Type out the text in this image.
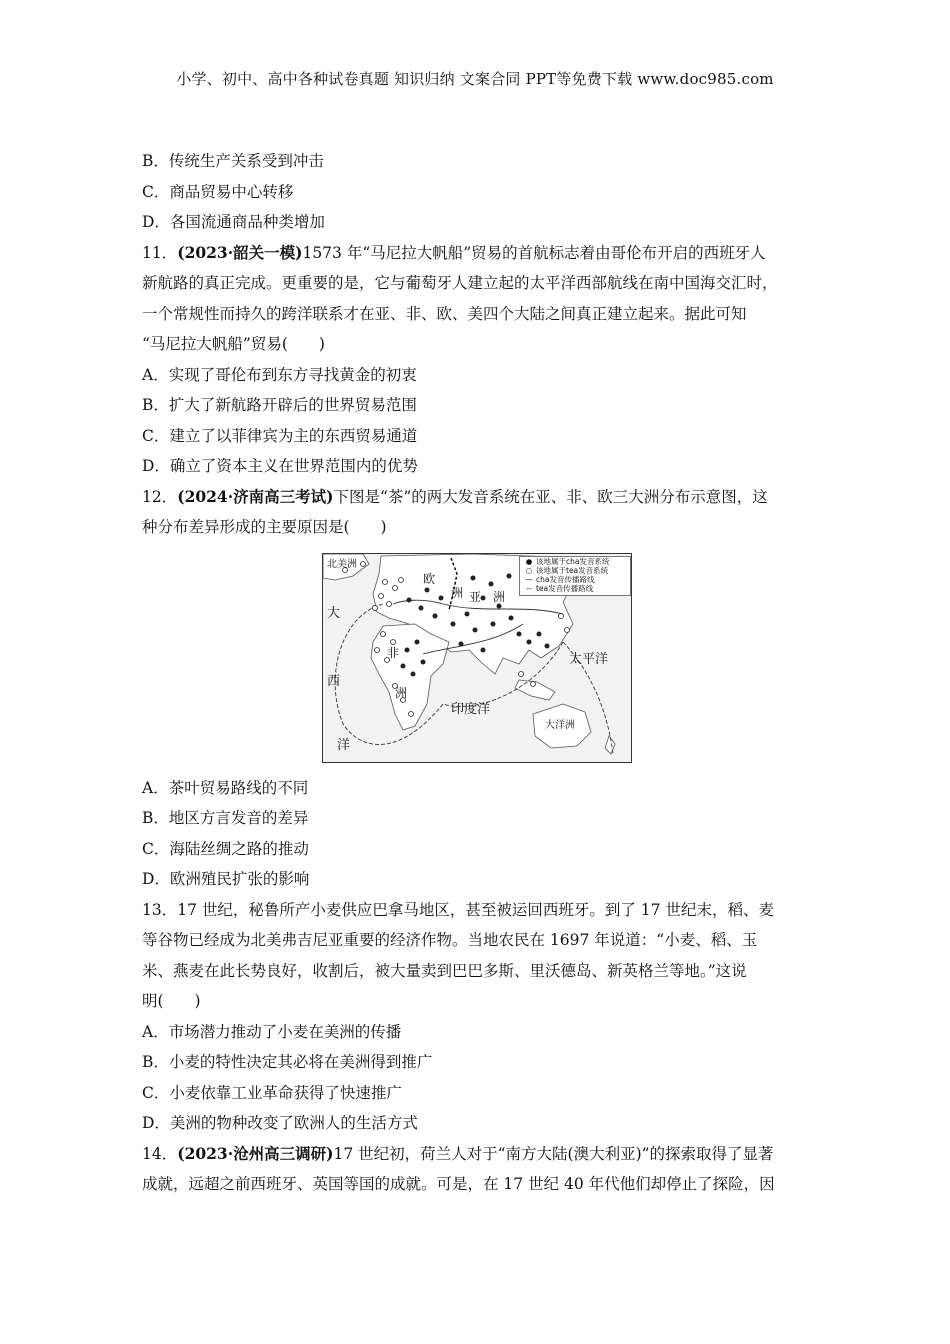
小学、初中、高中各种试卷真题 知识归纳 文案合同 PPT等免费下载 www.doc985.com
B．传统生产关系受到冲击
C．商品贸易中心转移
D．各国流通商品种类增加
11．(2023·韶关一模)1573 年“马尼拉大帆船”贸易的首航标志着由哥伦布开启的西班牙人
新航路的真正完成。更重要的是，它与葡萄牙人建立起的太平洋西部航线在南中国海交汇时，
一个常规性而持久的跨洋联系才在亚、非、欧、美四个大陆之间真正建立起来。据此可知
“马尼拉大帆船”贸易(　　)
A．实现了哥伦布到东方寻找黄金的初衷
B．扩大了新航路开辟后的世界贸易范围
C．建立了以菲律宾为主的东西贸易通道
D．确立了资本主义在世界范围内的优势
12．(2024·济南高三考试)下图是“茶”的两大发音系统在亚、非、欧三大洲分布示意图，这
种分布差异形成的主要原因是(　　)
北美洲
欧
洲 亚 洲
大
西
洋
非
洲
太平洋
印度洋
大洋洲
● 该地属于cha发音系统
○ 该地属于tea发音系统
— cha发音传播路线
-- tea发音传播路线
A．茶叶贸易路线的不同
B．地区方言发音的差异
C．海陆丝绸之路的推动
D．欧洲殖民扩张的影响
13．17 世纪，秘鲁所产小麦供应巴拿马地区，甚至被运回西班牙。到了 17 世纪末，稻、麦
等谷物已经成为北美弗吉尼亚重要的经济作物。当地农民在 1697 年说道：“小麦、稻、玉
米、燕麦在此长势良好，收割后，被大量卖到巴巴多斯、里沃德岛、新英格兰等地。”这说
明(　　)
A．市场潜力推动了小麦在美洲的传播
B．小麦的特性决定其必将在美洲得到推广
C．小麦依靠工业革命获得了快速推广
D．美洲的物种改变了欧洲人的生活方式
14．(2023·沧州高三调研)17 世纪初，荷兰人对于“南方大陆(澳大利亚)”的探索取得了显著
成就，远超之前西班牙、英国等国的成就。可是，在 17 世纪 40 年代他们却停止了探险，因
